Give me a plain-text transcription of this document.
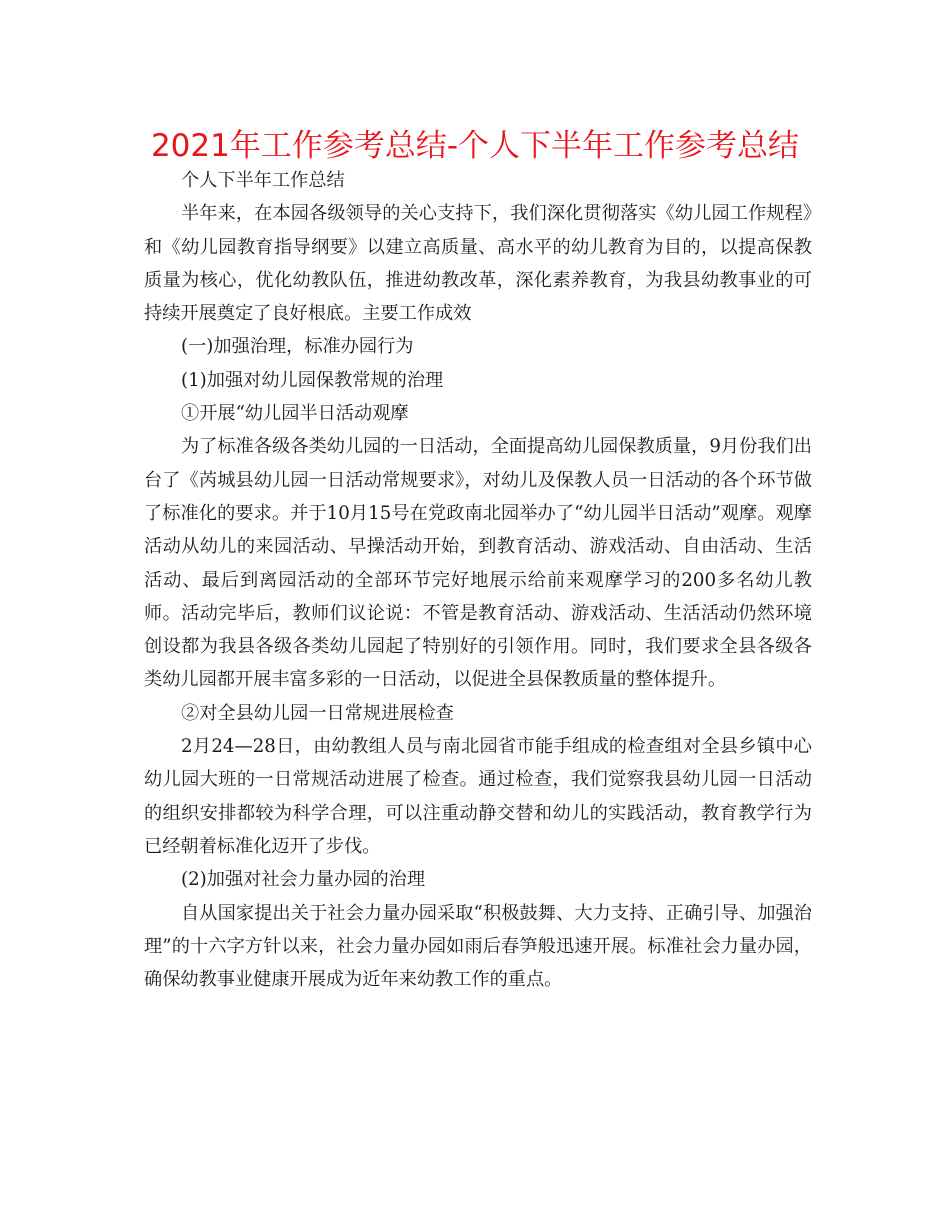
2021年工作参考总结-个人下半年工作参考总结

个人下半年工作总结

半年来，在本园各级领导的关心支持下，我们深化贯彻落实《幼儿园工作规程》和《幼儿园教育指导纲要》以建立高质量、高水平的幼儿教育为目的，以提高保教质量为核心，优化幼教队伍，推进幼教改革，深化素养教育，为我县幼教事业的可持续开展奠定了良好根底。主要工作成效

(一)加强治理，标准办园行为

(1)加强对幼儿园保教常规的治理

①开展“幼儿园半日活动观摩

为了标准各级各类幼儿园的一日活动，全面提高幼儿园保教质量，9月份我们出台了《芮城县幼儿园一日活动常规要求》，对幼儿及保教人员一日活动的各个环节做了标准化的要求。并于10月15号在党政南北园举办了“幼儿园半日活动”观摩。观摩活动从幼儿的来园活动、早操活动开始，到教育活动、游戏活动、自由活动、生活活动、最后到离园活动的全部环节完好地展示给前来观摩学习的200多名幼儿教师。活动完毕后，教师们议论说：不管是教育活动、游戏活动、生活活动仍然环境创设都为我县各级各类幼儿园起了特别好的引领作用。同时，我们要求全县各级各类幼儿园都开展丰富多彩的一日活动，以促进全县保教质量的整体提升。

②对全县幼儿园一日常规进展检查

2月24—28日，由幼教组人员与南北园省市能手组成的检查组对全县乡镇中心幼儿园大班的一日常规活动进展了检查。通过检查，我们觉察我县幼儿园一日活动的组织安排都较为科学合理，可以注重动静交替和幼儿的实践活动，教育教学行为已经朝着标准化迈开了步伐。

(2)加强对社会力量办园的治理

自从国家提出关于社会力量办园采取“积极鼓舞、大力支持、正确引导、加强治理”的十六字方针以来，社会力量办园如雨后春笋般迅速开展。标准社会力量办园，确保幼教事业健康开展成为近年来幼教工作的重点。
